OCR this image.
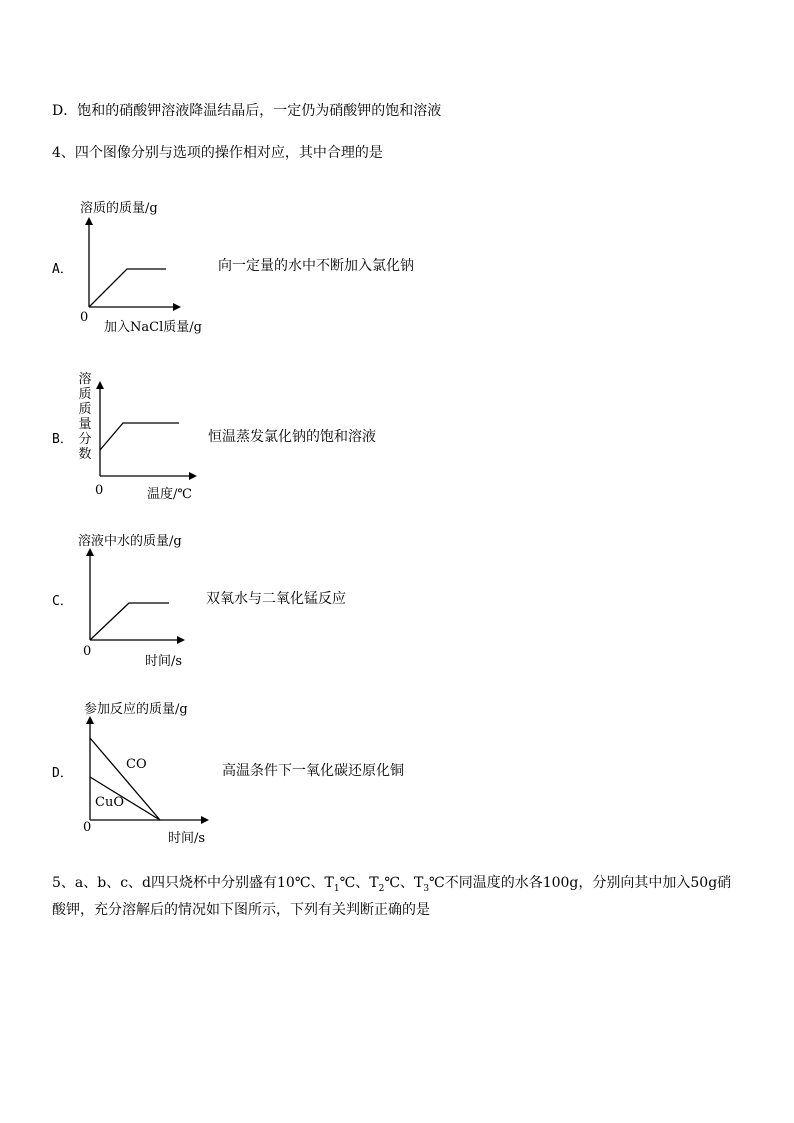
D．饱和的硝酸钾溶液降温结晶后，一定仍为硝酸钾的饱和溶液
4、四个图像分别与选项的操作相对应，其中合理的是
溶质的质量/g
A．
0
加入NaCl质量/g
向一定量的水中不断加入氯化钠
溶
质
质
量
分
数
B．
0	温度/℃
恒温蒸发氯化钠的饱和溶液
溶液中水的质量/g
C．
0
时间/s
双氧水与二氧化锰反应
参加反应的质量/g
D．
CO
CuO
0
时间/s
高温条件下一氧化碳还原化铜
5、a、b、c、d四只烧杯中分别盛有10℃、$T_1℃$、$T_2℃$、$T_3℃$不同温度的水各100g，分别向其中加入50g硝
酸钾，充分溶解后的情况如下图所示，下列有关判断正确的是
